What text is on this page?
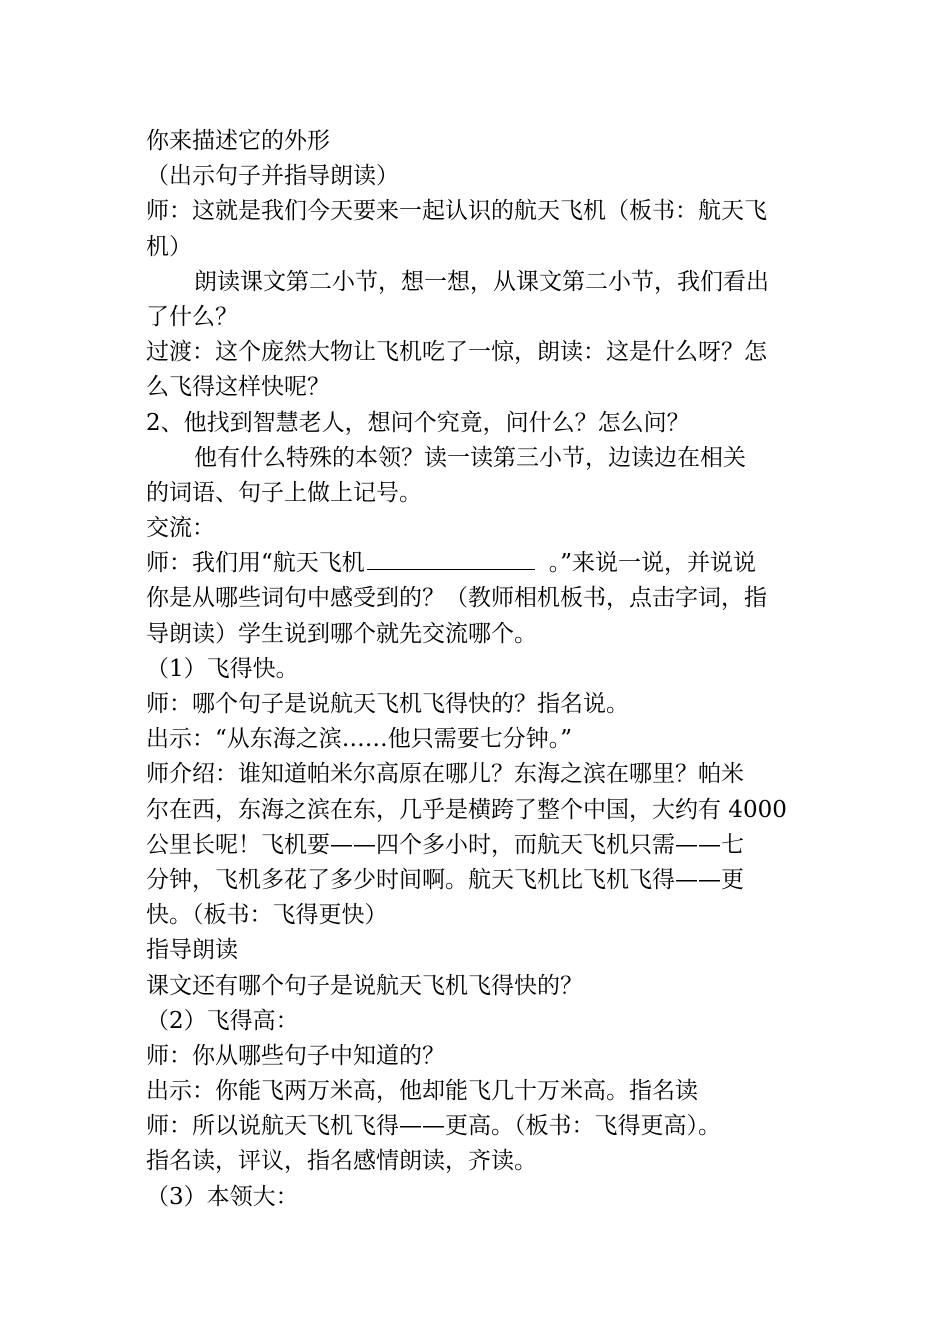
你来描述它的外形
（出示句子并指导朗读）
师：这就是我们今天要来一起认识的航天飞机（板书：航天飞
机）
朗读课文第二小节，想一想，从课文第二小节，我们看出
了什么？
过渡：这个庞然大物让飞机吃了一惊，朗读：这是什么呀？怎
么飞得这样快呢？
2、他找到智慧老人，想问个究竟，问什么？怎么问？
他有什么特殊的本领？读一读第三小节，边读边在相关
的词语、句子上做上记号。
交流：
师：我们用“航天飞机	。”来说一说，并说说
你是从哪些词句中感受到的？（教师相机板书，点击字词，指
导朗读）学生说到哪个就先交流哪个。
（1）飞得快。
师：哪个句子是说航天飞机飞得快的？指名说。
出示：“从东海之滨……他只需要七分钟。”
师介绍：谁知道帕米尔高原在哪儿？东海之滨在哪里？帕米
尔在西，东海之滨在东，几乎是横跨了整个中国，大约有 4000
公里长呢！飞机要——四个多小时，而航天飞机只需——七
分钟，飞机多花了多少时间啊。航天飞机比飞机飞得——更
快。（板书：飞得更快）
指导朗读
课文还有哪个句子是说航天飞机飞得快的？
（2）飞得高：
师：你从哪些句子中知道的？
出示：你能飞两万米高，他却能飞几十万米高。指名读
师：所以说航天飞机飞得——更高。（板书：飞得更高）。
指名读，评议，指名感情朗读，齐读。
（3）本领大：
